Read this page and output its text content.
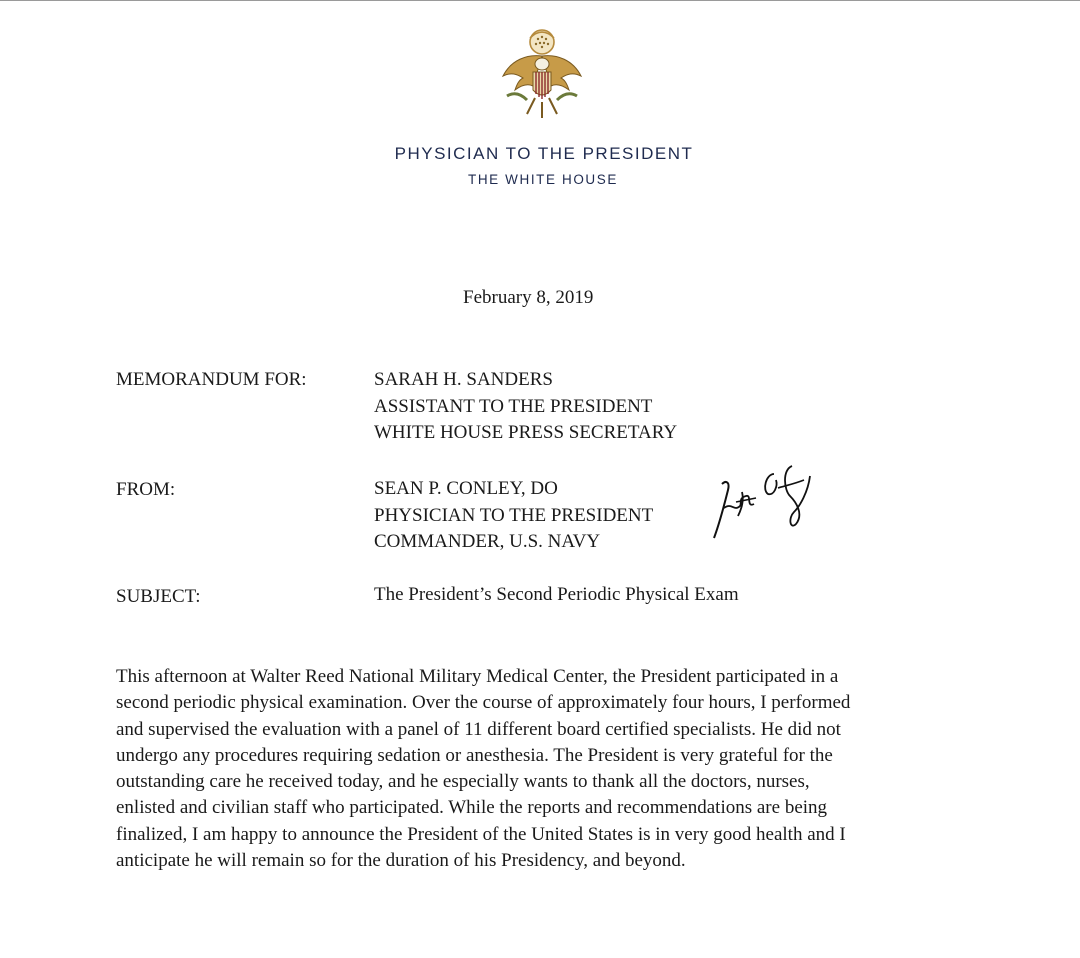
PHYSICIAN TO THE PRESIDENT
THE WHITE HOUSE
February 8, 2019
MEMORANDUM FOR:	SARAH H. SANDERS
ASSISTANT TO THE PRESIDENT
WHITE HOUSE PRESS SECRETARY
FROM:	SEAN P. CONLEY, DO
PHYSICIAN TO THE PRESIDENT
COMMANDER, U.S. NAVY
SUBJECT:	The President’s Second Periodic Physical Exam
This afternoon at Walter Reed National Military Medical Center, the President participated in a
second periodic physical examination. Over the course of approximately four hours, I performed
and supervised the evaluation with a panel of 11 different board certified specialists. He did not
undergo any procedures requiring sedation or anesthesia. The President is very grateful for the
outstanding care he received today, and he especially wants to thank all the doctors, nurses,
enlisted and civilian staff who participated. While the reports and recommendations are being
finalized, I am happy to announce the President of the United States is in very good health and I
anticipate he will remain so for the duration of his Presidency, and beyond.
